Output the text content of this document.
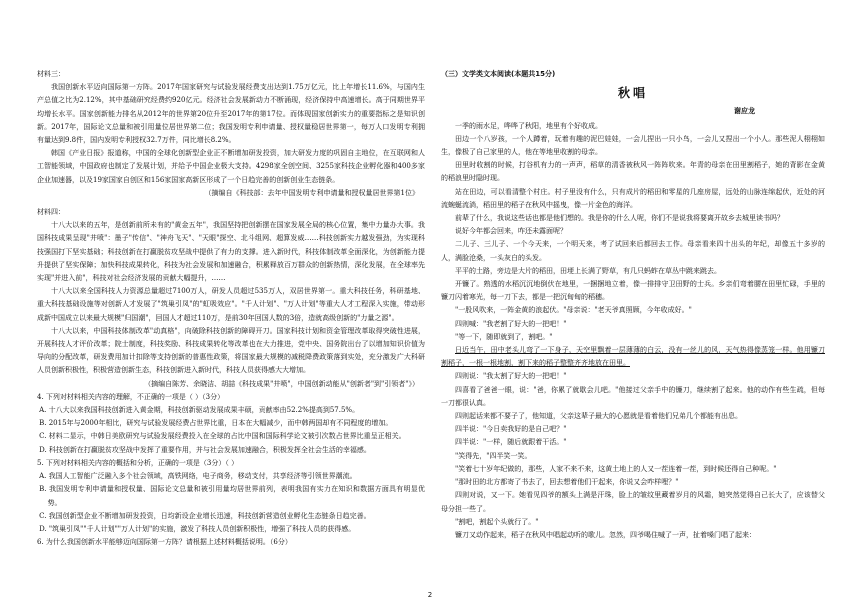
材料三：

我国创新水平迈向国际第一方阵。2017年国家研究与试验发展经费支出达到1.75万亿元，比上年增长11.6%，与国内生产总值之比为2.12%，其中基础研究经费约920亿元。经济社会发展新动力不断涌现，经济保持中高速增长。高于同期世界平均增长水平。国家创新能力排名从2012年的世界第20位升至2017年的第17位。而体现国家创新实力的重要指标之是知识创新。2017年，国际论文总量和被引用量位居世界第二位；我国发明专利申请量、授权量稳居世界第一，每万人口发明专利拥有量达到9.8件，国内发明专利授权32.7万件，同比增长8.2%。

韩国《产业日报》报道称，中国的全球化创新型企业正不断增加研发投资，加大研发力度的巩固自主地位，在互联网和人工智能领域，中国政府也制定了发展计划，并给予中国企业极大支持。4298家全创空间、3255家科技企业孵化器和400多家企业加速器，以及19家国家自创区和156家国家高新区形成了一个日趋完善的创新创业生态链条。

（摘编自《科技部：去年中国发明专利申请量和授权量居世界第1位》

材料四：

十八大以来的五年，是创新前所未有的"黄金五年"，我国坚持把创新摆在国家发展全局的核心位置，集中力量办大事。我国科技成果呈现"井喷"：墨子"传信"、"神舟飞天"、"天眼"探空、北斗组网、超算发威……科技创新实力越发强劲，为实现科技强国打下坚实基础；科技创新在打赢脱贫攻坚战中提供了有力的支撑。进入新时代，科技体制改革全面深化，为创新能力提升提供了坚实保障；加快科技成果转化，科技为社会发展和加速融合，积累释放百万群众的创新热情，深化发展，在全球率先实现"并进入前"，科技对社会经济发展的贡献大幅提升，……

十八大以来全国科技人力资源总量超过7100万人，研发人员超过535万人，双居世界第一。重大科技任务，科研基地、重大科技基础设施等对创新人才发展了"筑巢引凤"的"虹吸效应"。"千人计划"、"万人计划"等重大人才工程深入实施，带动形成新中国成立以来最大规模"归国潮"，回国人才超过110万，是前30年回国人数的3倍，造就高级创新的"力量之源"。

十八大以来，中国科技体制改革"动真格"，向破除科技创新的障碍开刀。国家科技计划和资金管理改革取得突破性进展，开展科技人才评价改革；院士制度，科技奖励、科技成果转化等改革也在大力推进，党中央、国务院出台了以增加知识价值为导向的分配改革，研发费用加计扣除等支持创新的普惠性政策，将国家最大规模的减税降费政策落到实处，充分激发广大科研人员创新积极性，积极营造创新生态，科技创新进入新时代，科技人员获得感大大增加。

（摘编自陈芳、余晓洁、胡喆《科技成果"井喷"，中国创新动能从"创新者"到"引领者"》）

4. 下列对材料相关内容的理解，不正确的一项是（ ）（3分）

A. 十八大以来我国科技创新进入黄金期，科技创新驱动发展成果丰硕，贡献率由52.2%提高到57.5%。

B. 2015年与2000年相比，研究与试验发展经费占世界比重，日本在大幅减少，而中韩两国却有不同程度的增加。

C. 材料二显示，中韩日美欧研究与试验发展经费投入在全球的占比中国和国际科学论文被引次数占世界比重呈正相关。

D. 科技创新在打赢脱贫攻坚战中发挥了重要作用，并与社会发展加速融合，积极发挥全社会生活的幸福感。

5. 下列对材料相关内容的概括和分析，正确的一项是（3分）（ ）

A. 我国人工智能广泛融入多个社会领域，高铁网络，电子商务，移动支付，共享经济等引领世界潮流。

B. 我国发明专利申请量和授权量、国际论文总量和被引用量均居世界前列，表明我国有实力在知识和数据方面具有明显优势。

C. 我国创新型企业不断增加研发投资，日均新设企业增长迅速，科技创新营造创业孵化生态链条日趋完善。

D. "筑巢引凤""千人计划""万人计划"的实施，激发了科技人员创新积极性，增强了科技人员的获得感。

6. 为什么我国创新水平能够迈向国际第一方阵？请根据上述材料概括说明。（6分）

（三）文学类文本阅读(本题共15分)
秋唱
谢应龙

一季的雨水足，哗哗了秋阳，地里有个好收成。

田边一个八岁孩，一个人蹲着，玩着有趣的泥巴娃娃，一会儿捏出一只小鸟，一会儿又捏出一个小人。那些泥人栩栩如生，像极了自己家里的人，他在等地里收割的母亲。

田里时收割的时候，打谷机有力的一声声，稻草的清香被秋风一阵阵吹来。年青的母亲在田里割稻子，她的背影在金黄的稻浪里时隐时现。

站在田边，可以看清整个村庄。村子里没有什么，只有成片的稻田和零星的几座房屋，远处的山脉连绵起伏，近处的河流蜿蜒流淌，稻田里的稻子在秋风中摇曳，像一片金色的海洋。

前辈了什么，我说这些话也都是他们想的。我是你的什么人呢，你们不是说我将要离开故乡去城里读书吗？

说好今年都会回来，咋还未露面呢？

二儿子、三儿子、一个今天来，一个明天来，考了试回来后都回去工作。母亲看来四十出头的年纪，却像五十多岁的人，满脸沧桑，一头灰白的头发。

平平的土路，旁边是大片的稻田，田埂上长满了野草，有几只蚂蚱在草丛中跳来跳去。

开镰了。熟透的水稻沉沉地倒伏在地里，一捆捆地立着，像一排排守卫田野的士兵。乡亲们弯着腰在田里忙碌，手里的镰刀闪着寒光，每一刀下去，都是一把沉甸甸的稻穗。

"一股风吹来，一阵金黄的浪起伏。"母亲说："老天爷真照顾，今年收成好。"

四则喊："我老割了好大的一把吧！"

"等一下，随即就到了，割吧。"

日近当午，田中老头儿弯了一下身子，天空里飘着一层薄薄的白云，没有一丝儿的风，天气热得像蒸笼一样。他用镰刀割稻子，一根一根地割，割下来的稻子整整齐齐地放在田里。

四则说："我太割了好大的一把吧！"

四喜看了爸爸一眼，说："爸，你累了就歇会儿吧。"他接过父亲手中的镰刀，继续割了起来。他的动作有些生疏，但每一刀都很认真。

四则起话来都不要子了，他知道，父亲这辈子最大的心愿就是看着他们兄弟几个都能有出息。

四半说："今日卖我好的是自己吧？"

四半说："一样，随后就跟着干活。"

"笑得先，"四半笑一笑。

"笑着七十岁年纪做的，那些，人家不来不来，这黄土地上的人又一茬连着一茬，到时候还得自己种呢。"

"那时田的北方都寄了书去了，回去想着他们干起来，你说又会咋样哩？"

四则对说，又一下。她看见四爷的额头上满是汗珠，脸上的皱纹里藏着岁月的风霜，她突然觉得自己长大了，应该替父母分担一些了。

"割吧，割起个头就行了。"

镰刀又动作起来，稻子在秋风中唱起动听的歌儿。忽然，四爷喝住喊了一声，扯着嗓门唱了起来：

2
